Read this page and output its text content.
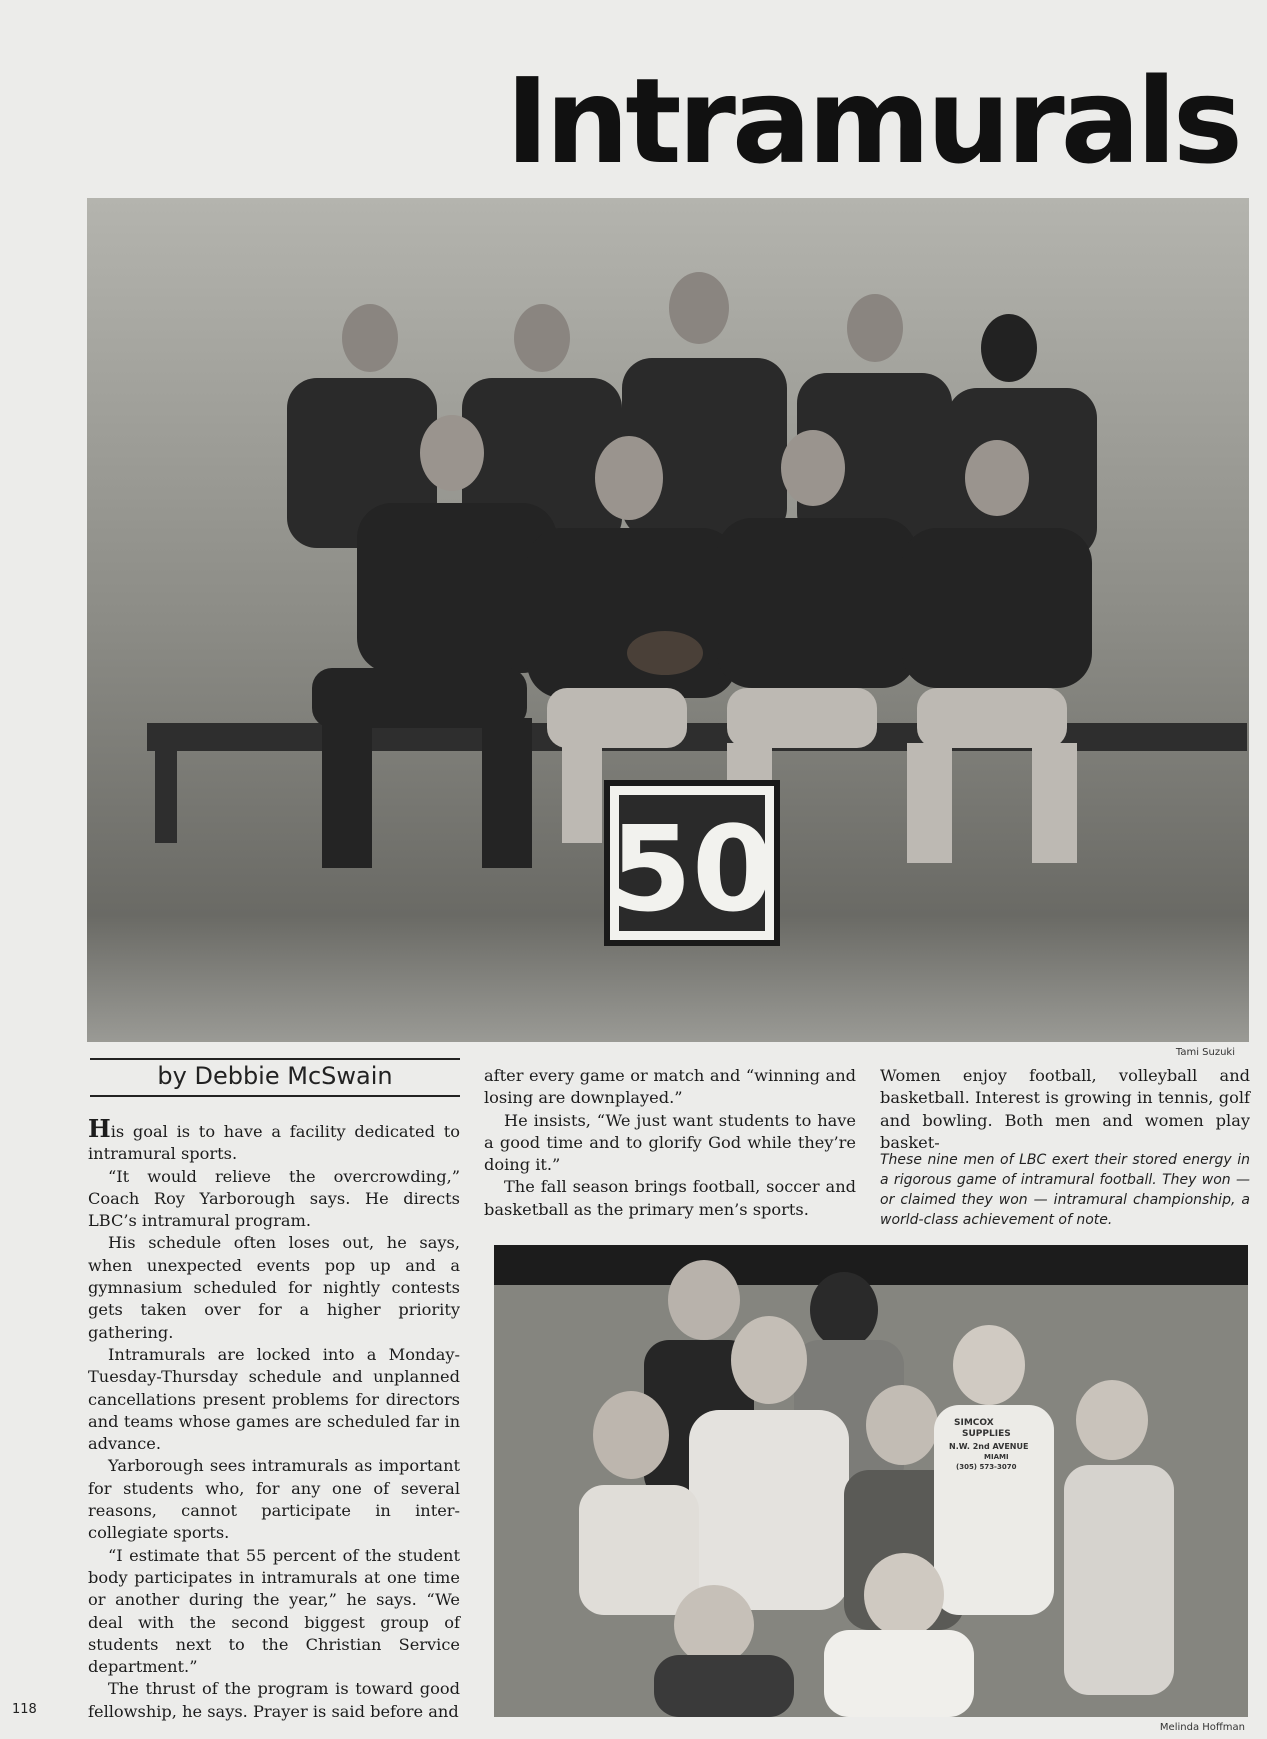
Intramurals
50
Tami Suzuki
by Debbie McSwain

His goal is to have a facility dedicated to intramural sports.

“It would relieve the overcrowding,” Coach Roy Yarborough says. He directs LBC’s intramural program.

His schedule often loses out, he says, when unexpected events pop up and a gymnasium scheduled for nightly contests gets taken over for a higher priority gathering.

Intramurals are locked into a Monday-Tuesday-Thursday schedule and unplanned cancellations present problems for directors and teams whose games are scheduled far in advance.

Yarborough sees intramurals as important for students who, for any one of several reasons, cannot participate in inter-collegiate sports.

“I estimate that 55 percent of the student body participates in intramurals at one time or another during the year,” he says. “We deal with the second biggest group of students next to the Christian Service department.”

The thrust of the program is toward good fellowship, he says. Prayer is said before and

after every game or match and “winning and losing are downplayed.”

He insists, “We just want students to have a good time and to glorify God while they’re doing it.”

The fall season brings football, soccer and basketball as the primary men’s sports.

Women enjoy football, volleyball and basketball. Interest is growing in tennis, golf and bowling. Both men and women play basket-

These nine men of LBC exert their stored energy in a rigorous game of intramural football. They won — or claimed they won — intramural championship, a world-class achievement of note.
SIMCOX
SUPPLIES
N.W. 2nd AVENUE
MIAMI
(305) 573-3070
Melinda Hoffman
118
